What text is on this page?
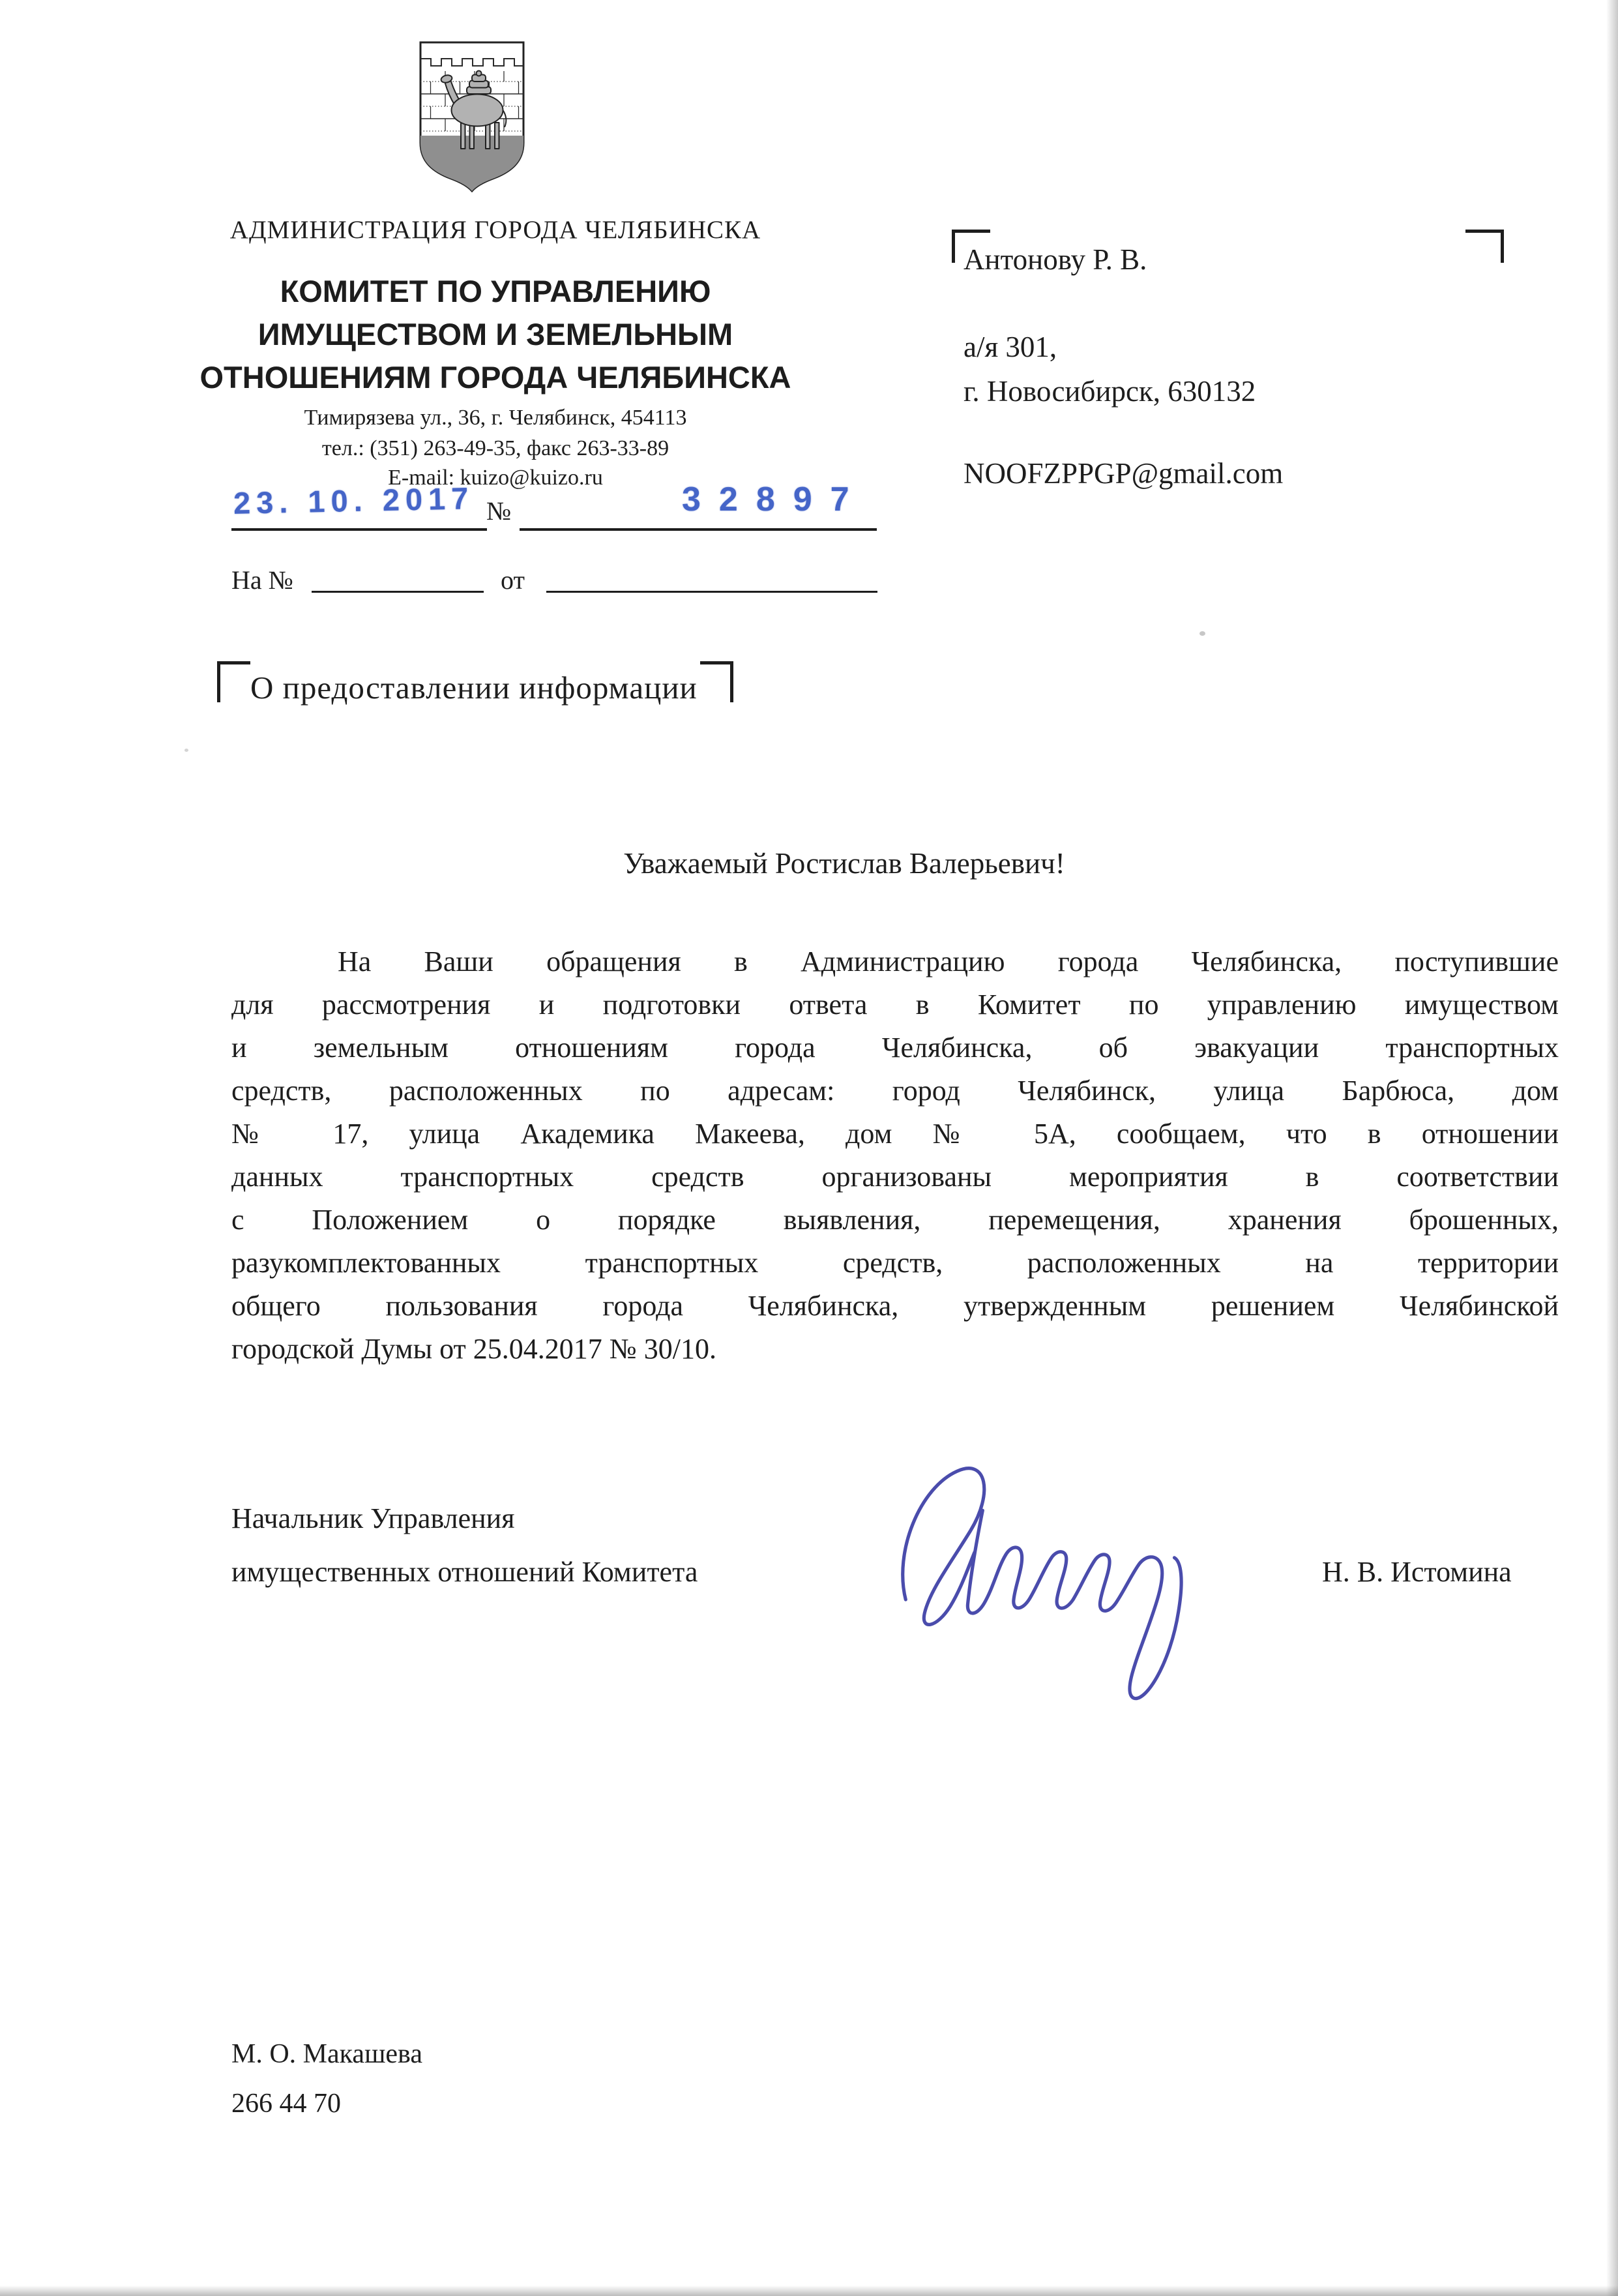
АДМИНИСТРАЦИЯ ГОРОДА ЧЕЛЯБИНСКА
КОМИТЕТ ПО УПРАВЛЕНИЮ
ИМУЩЕСТВОМ И ЗЕМЕЛЬНЫМ
ОТНОШЕНИЯМ ГОРОДА ЧЕЛЯБИНСКА
Тимирязева ул., 36, г. Челябинск, 454113
тел.: (351) 263-49-35, факс 263-33-89
E-mail: kuizo@kuizo.ru
23. 10. 2017 №	32897
На №	от
Антонову Р. В.
а/я 301,
г. Новосибирск, 630132
NOOFZPPGP@gmail.com
О предоставлении информации
Уважаемый Ростислав Валерьевич!
На Ваши обращения в Администрацию города Челябинска, поступившие
для рассмотрения и подготовки ответа в Комитет по управлению имуществом
и земельным отношениям города Челябинска, об эвакуации транспортных
средств, расположенных по адресам: город Челябинск, улица Барбюса, дом
№ 17, улица Академика Макеева, дом № 5А, сообщаем, что в отношении
данных транспортных средств организованы мероприятия в соответствии
с Положением о порядке выявления, перемещения, хранения брошенных,
разукомплектованных транспортных средств, расположенных на территории
общего пользования города Челябинска, утвержденным решением Челябинской
городской Думы от 25.04.2017 № 30/10.
Начальник Управления
имущественных отношений Комитета	Н. В. Истомина
М. О. Макашева
266 44 70
